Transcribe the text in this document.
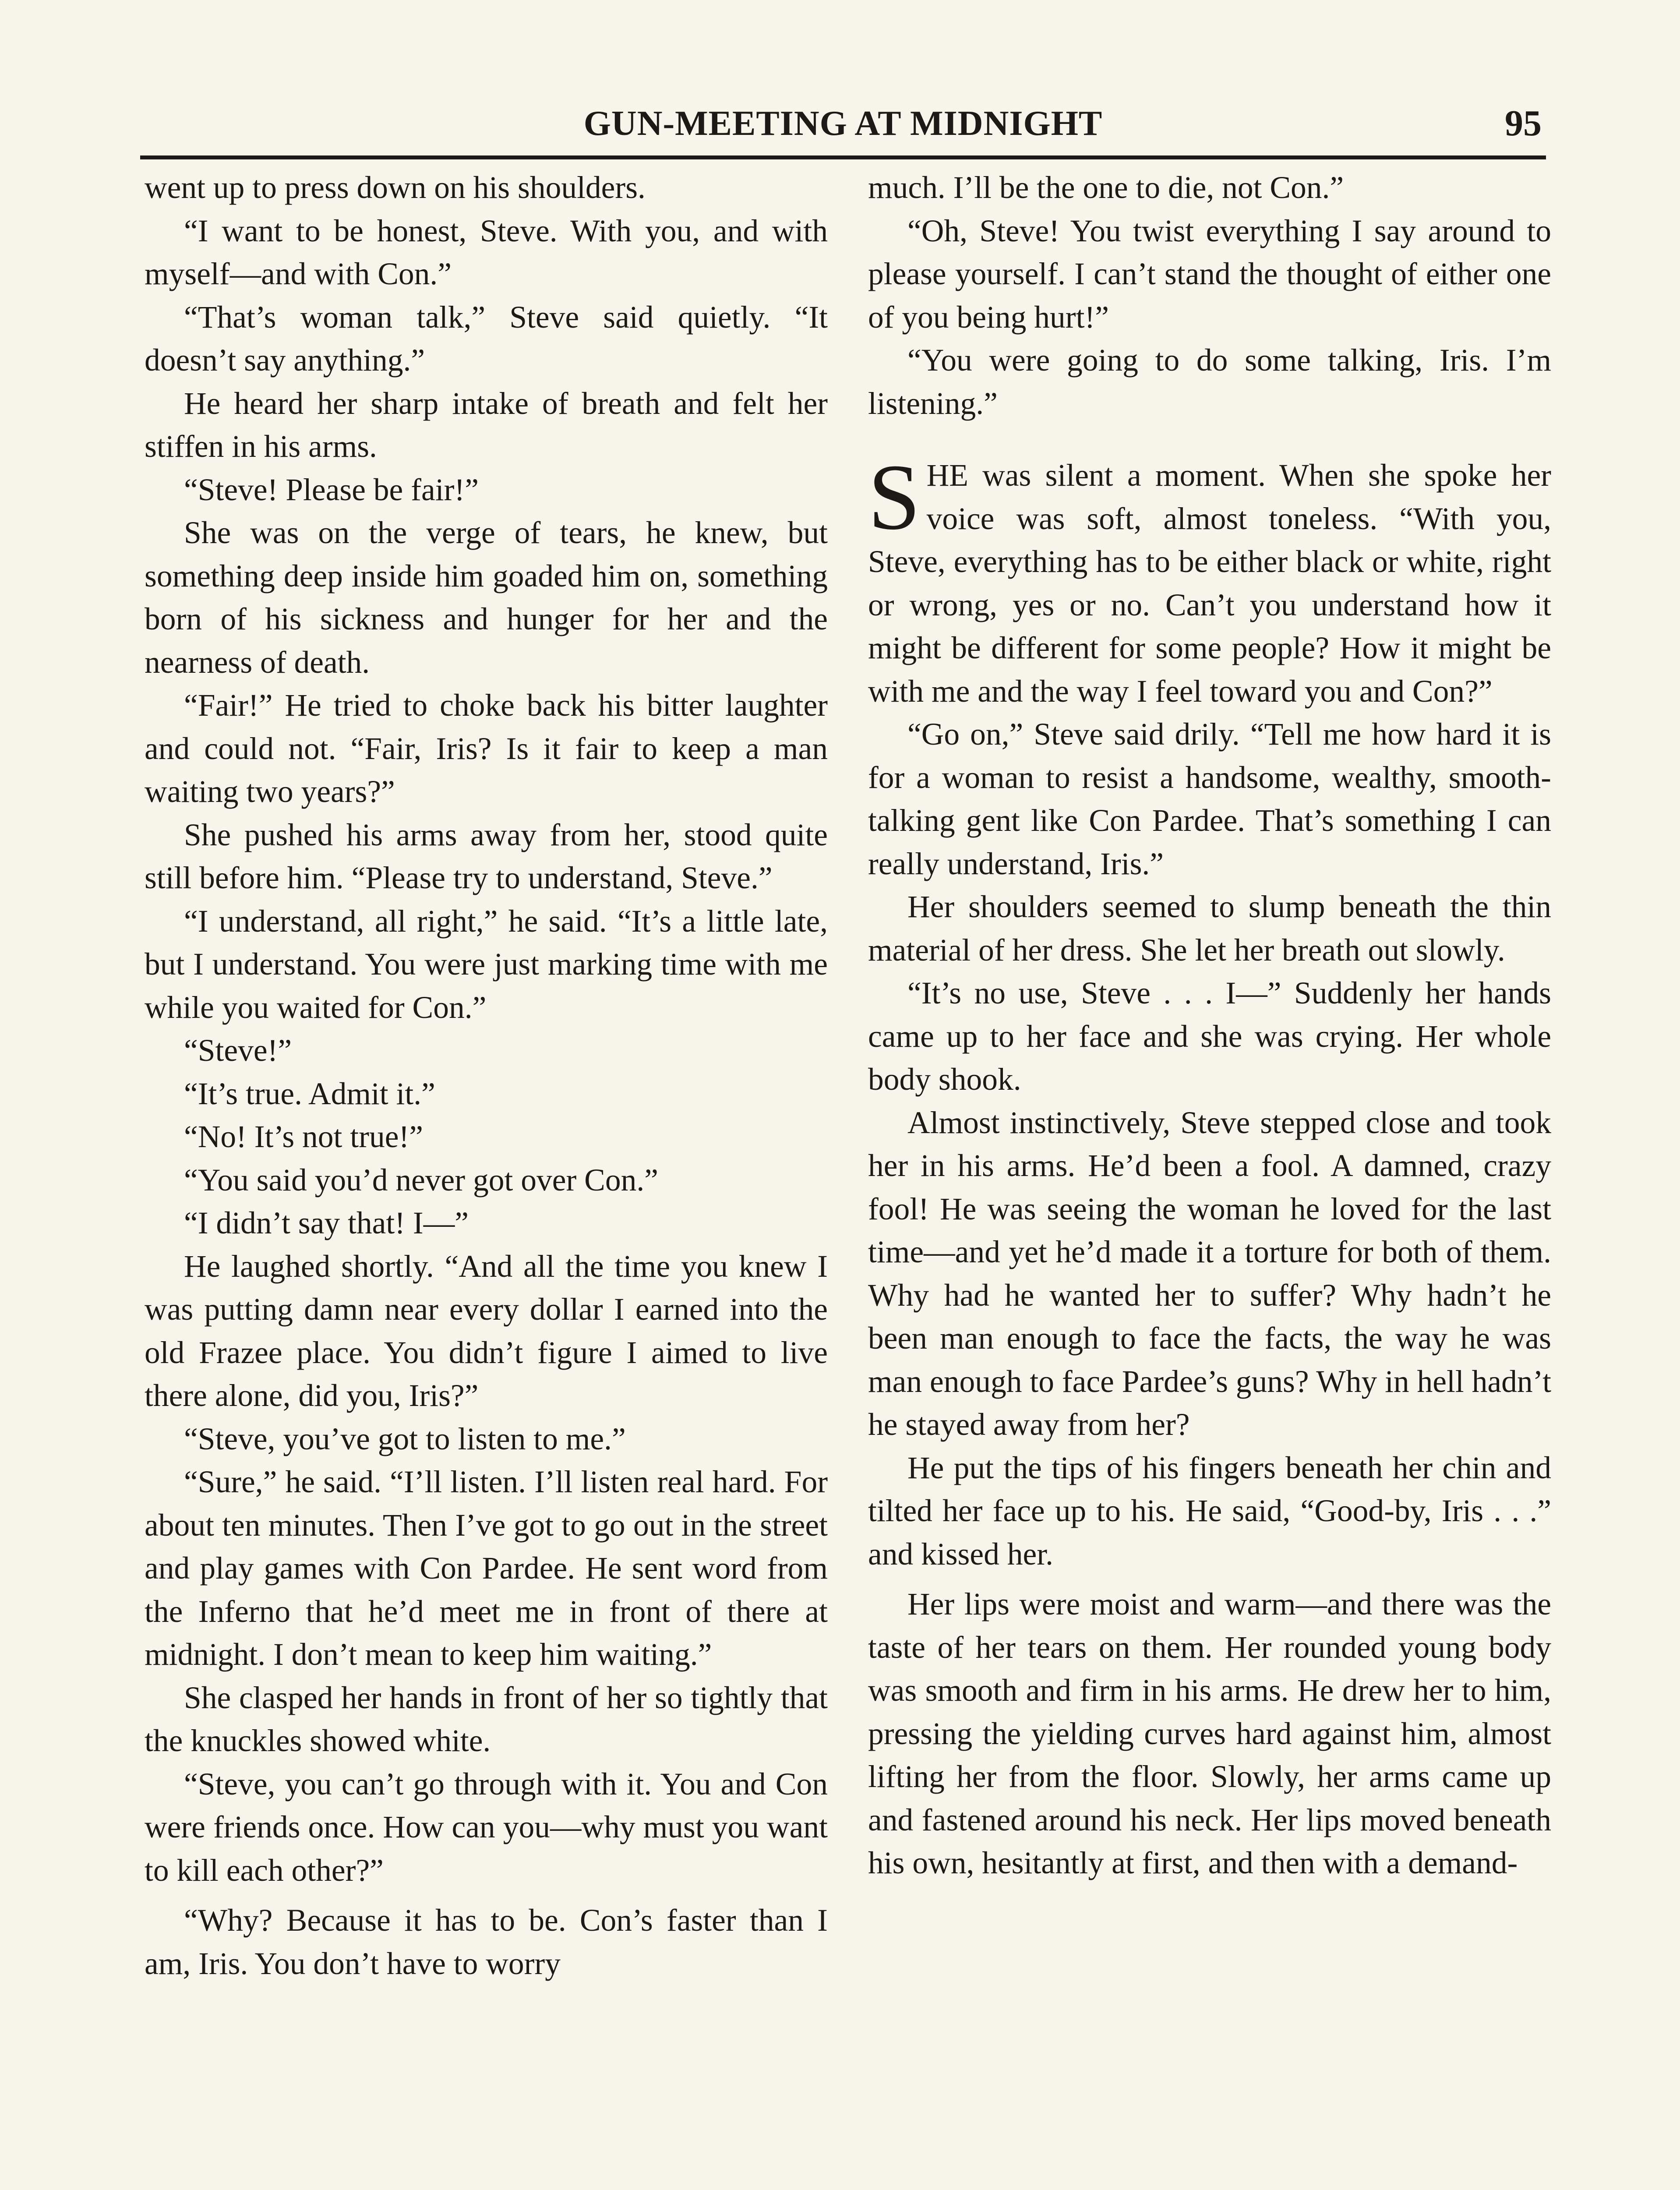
GUN-MEETING AT MIDNIGHT	95

went up to press down on his shoulders.

“I want to be honest, Steve. With you, and with myself—and with Con.”

“That’s woman talk,” Steve said quietly. “It doesn’t say anything.”

He heard her sharp intake of breath and felt her stiffen in his arms.

“Steve! Please be fair!”

She was on the verge of tears, he knew, but something deep inside him goaded him on, something born of his sickness and hunger for her and the nearness of death.

“Fair!” He tried to choke back his bitter laughter and could not. “Fair, Iris? Is it fair to keep a man waiting two years?”

She pushed his arms away from her, stood quite still before him. “Please try to understand, Steve.”

“I understand, all right,” he said. “It’s a little late, but I understand. You were just marking time with me while you waited for Con.”

“Steve!”

“It’s true. Admit it.”

“No! It’s not true!”

“You said you’d never got over Con.”

“I didn’t say that! I—”

He laughed shortly. “And all the time you knew I was putting damn near every dollar I earned into the old Frazee place. You didn’t figure I aimed to live there alone, did you, Iris?”

“Steve, you’ve got to listen to me.”

“Sure,” he said. “I’ll listen. I’ll listen real hard. For about ten minutes. Then I’ve got to go out in the street and play games with Con Pardee. He sent word from the Inferno that he’d meet me in front of there at midnight. I don’t mean to keep him waiting.”

She clasped her hands in front of her so tightly that the knuckles showed white.

“Steve, you can’t go through with it. You and Con were friends once. How can you—why must you want to kill each other?”

“Why? Because it has to be. Con’s faster than I am, Iris. You don’t have to worry

much. I’ll be the one to die, not Con.”

“Oh, Steve! You twist everything I say around to please yourself. I can’t stand the thought of either one of you being hurt!”

“You were going to do some talking, Iris. I’m listening.”

SHE was silent a moment. When she spoke her voice was soft, almost toneless. “With you, Steve, everything has to be either black or white, right or wrong, yes or no. Can’t you understand how it might be different for some people? How it might be with me and the way I feel toward you and Con?”

“Go on,” Steve said drily. “Tell me how hard it is for a woman to resist a handsome, wealthy, smooth-talking gent like Con Pardee. That’s something I can really understand, Iris.”

Her shoulders seemed to slump beneath the thin material of her dress. She let her breath out slowly.

“It’s no use, Steve . . . I—” Suddenly her hands came up to her face and she was crying. Her whole body shook.

Almost instinctively, Steve stepped close and took her in his arms. He’d been a fool. A damned, crazy fool! He was seeing the woman he loved for the last time—and yet he’d made it a torture for both of them. Why had he wanted her to suffer? Why hadn’t he been man enough to face the facts, the way he was man enough to face Pardee’s guns? Why in hell hadn’t he stayed away from her?

He put the tips of his fingers beneath her chin and tilted her face up to his. He said, “Good-by, Iris . . .” and kissed her.

Her lips were moist and warm—and there was the taste of her tears on them. Her rounded young body was smooth and firm in his arms. He drew her to him, pressing the yielding curves hard against him, almost lifting her from the floor. Slowly, her arms came up and fastened around his neck. Her lips moved beneath his own, hesitantly at first, and then with a demand-
